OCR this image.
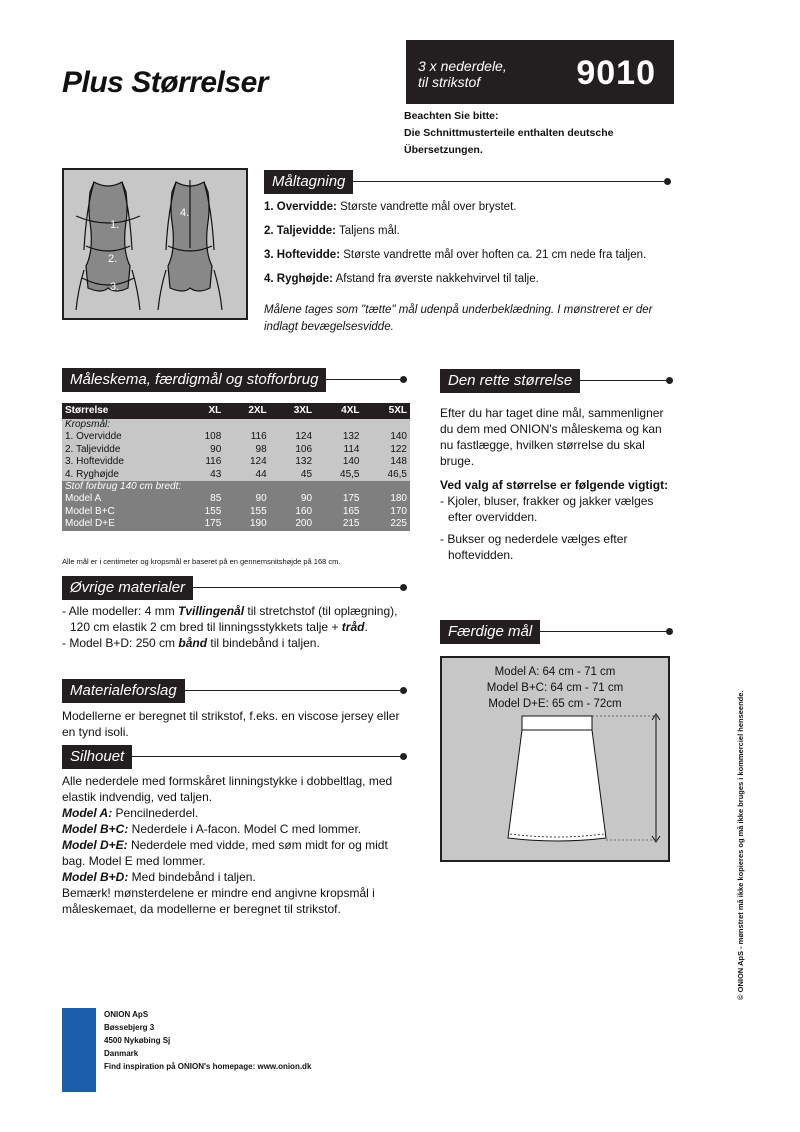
Plus Størrelser	3 x nederdele,
til strikstof	9010
Beachten Sie bitte:
Die Schnittmusterteile enthalten deutsche
Übersetzungen.
1.
2.
3.
4.
Måltagning
1. Overvidde: Største vandrette mål over brystet.
2. Taljevidde: Taljens mål.
3. Hoftevidde: Største vandrette mål over hoften ca. 21 cm nede fra taljen.
4. Ryghøjde: Afstand fra øverste nakkehvirvel til talje.
Målene tages som "tætte" mål udenpå underbeklædning. I mønstreret er der indlagt bevægelsesvidde.
Måleskema, færdigmål og stofforbrug
Størrelse	XL	2XL	3XL	4XL	5XL
Kropsmål:					
1. Overvidde	108	116	124	132	140
2. Taljevidde	90	98	106	114	122
3. Hoftevidde	116	124	132	140	148
4. Ryghøjde	43	44	45	45,5	46,5
Stof forbrug 140 cm bredt:					
Model A	85	90	90	175	180
Model B+C	155	155	160	165	170
Model D+E	175	190	200	215	225
Alle mål er i centimeter og kropsmål er baseret på en gennemsnitshøjde på 168 cm.
Øvrige materialer
- Alle modeller: 4 mm Tvillingenål til stretchstof (til oplægning), 120 cm elastik 2 cm bred til linningsstykkets talje + tråd.
- Model B+D: 250 cm bånd til bindebånd i taljen.
Materialeforslag
Modellerne er beregnet til strikstof, f.eks. en viscose jersey eller en tynd isoli.
Silhouet
Alle nederdele med formskåret linningstykke i dobbeltlag, med elastik indvendig, ved taljen.
Model A: Pencilnederdel.
Model B+C: Nederdele i A-facon. Model C med lommer.
Model D+E: Nederdele med vidde, med søm midt for og midt bag. Model E med lommer.
Model B+D: Med bindebånd i taljen.
Bemærk! mønsterdelene er mindre end angivne kropsmål i måleskemaet, da modellerne er beregnet til strikstof.
Den rette størrelse

Efter du har taget dine mål, sammenligner du dem med ONION's måleskema og kan nu fastlægge, hvilken størrelse du skal bruge.

Ved valg af størrelse er følgende vigtigt:

- Kjoler, bluser, frakker og jakker vælges efter overvidden.

- Bukser og nederdele vælges efter hoftevidden.

Færdige mål
Model A: 64 cm - 71 cm
Model B+C: 64 cm - 71 cm
Model D+E: 65 cm - 72cm
ONION ApS
Bøssebjerg 3
4500 Nykøbing Sj
Danmark
Find inspiration på ONION's homepage: www.onion.dk
© ONION ApS - mønstret må ikke kopieres og må ikke bruges i kommerciel henseende.
